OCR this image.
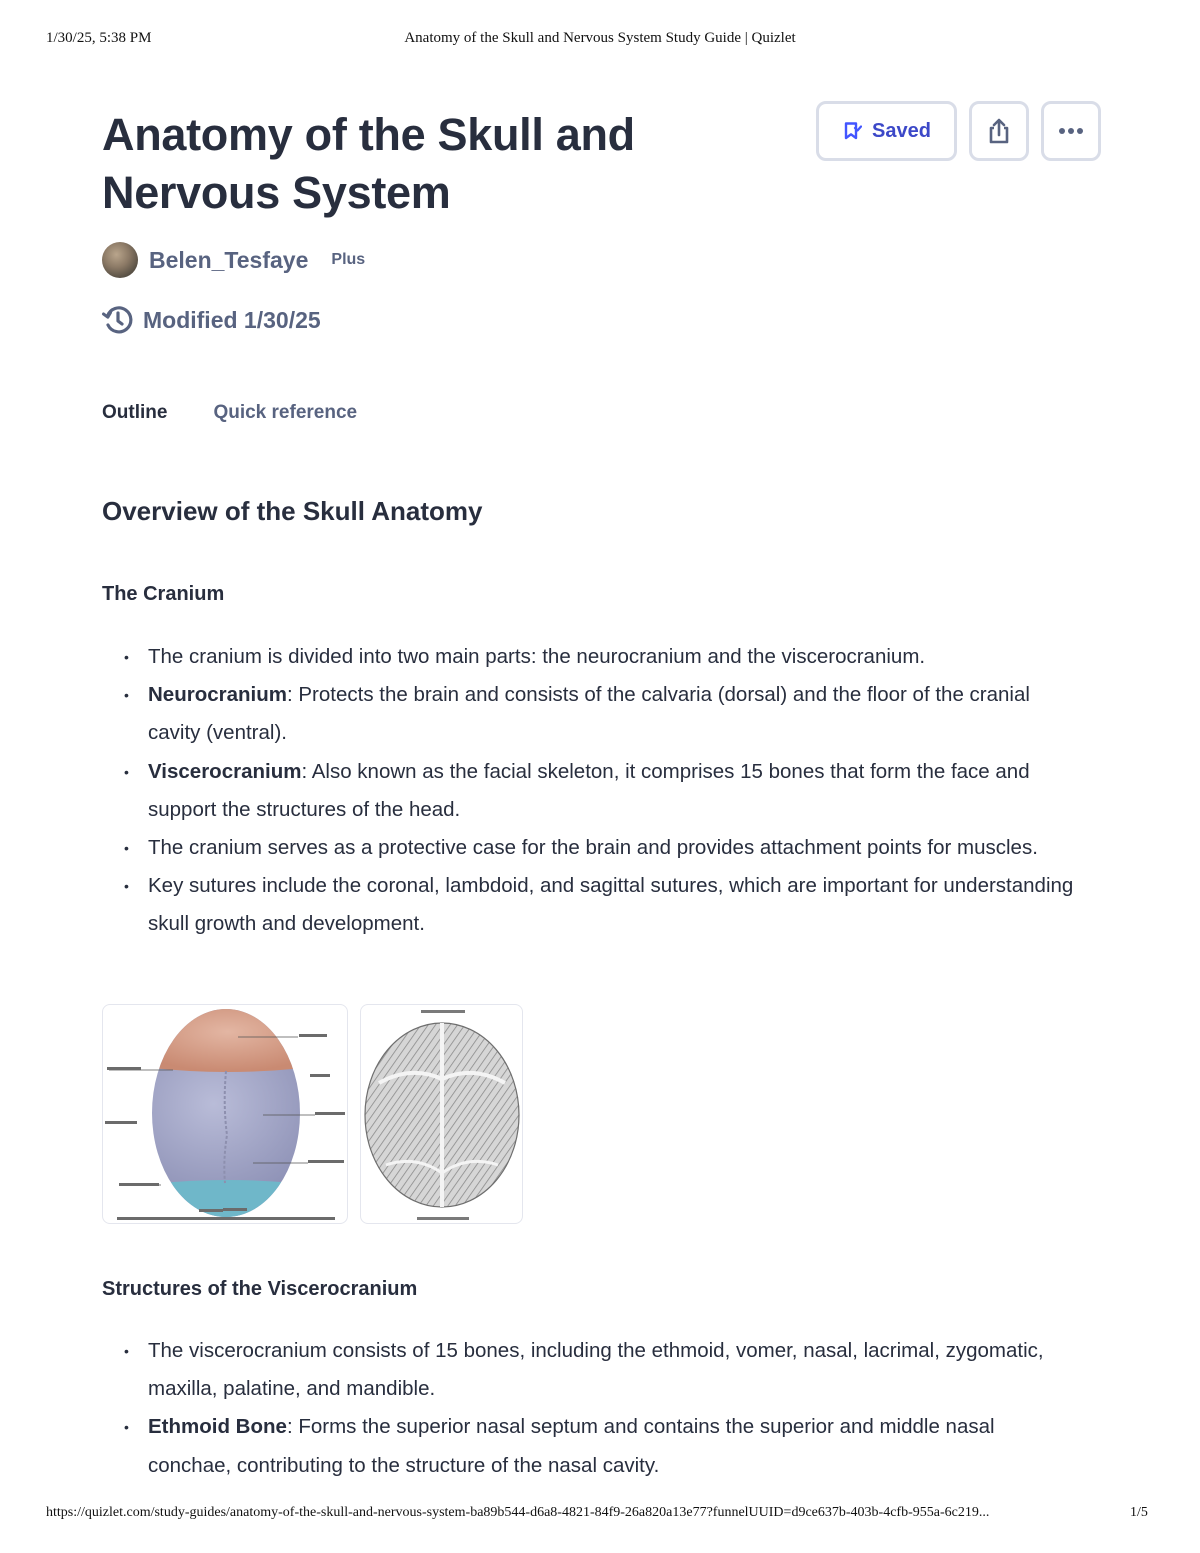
1/30/25, 5:38 PM	Anatomy of the Skull and Nervous System Study Guide | Quizlet
Anatomy of the Skull and Nervous System
Saved
Belen_Tesfaye Plus
Modified 1/30/25
Outline Quick reference
Overview of the Skull Anatomy
The Cranium
• The cranium is divided into two main parts: the neurocranium and the viscerocranium.
• Neurocranium: Protects the brain and consists of the calvaria (dorsal) and the floor of the cranial cavity (ventral).
• Viscerocranium: Also known as the facial skeleton, it comprises 15 bones that form the face and support the structures of the head.
• The cranium serves as a protective case for the brain and provides attachment points for muscles.
• Key sutures include the coronal, lambdoid, and sagittal sutures, which are important for understanding skull growth and development.
Structures of the Viscerocranium
• The viscerocranium consists of 15 bones, including the ethmoid, vomer, nasal, lacrimal, zygomatic, maxilla, palatine, and mandible.
• Ethmoid Bone: Forms the superior nasal septum and contains the superior and middle nasal conchae, contributing to the structure of the nasal cavity.
https://quizlet.com/study-guides/anatomy-of-the-skull-and-nervous-system-ba89b544-d6a8-4821-84f9-26a820a13e77?funnelUUID=d9ce637b-403b-4cfb-955a-6c219...	1/5
